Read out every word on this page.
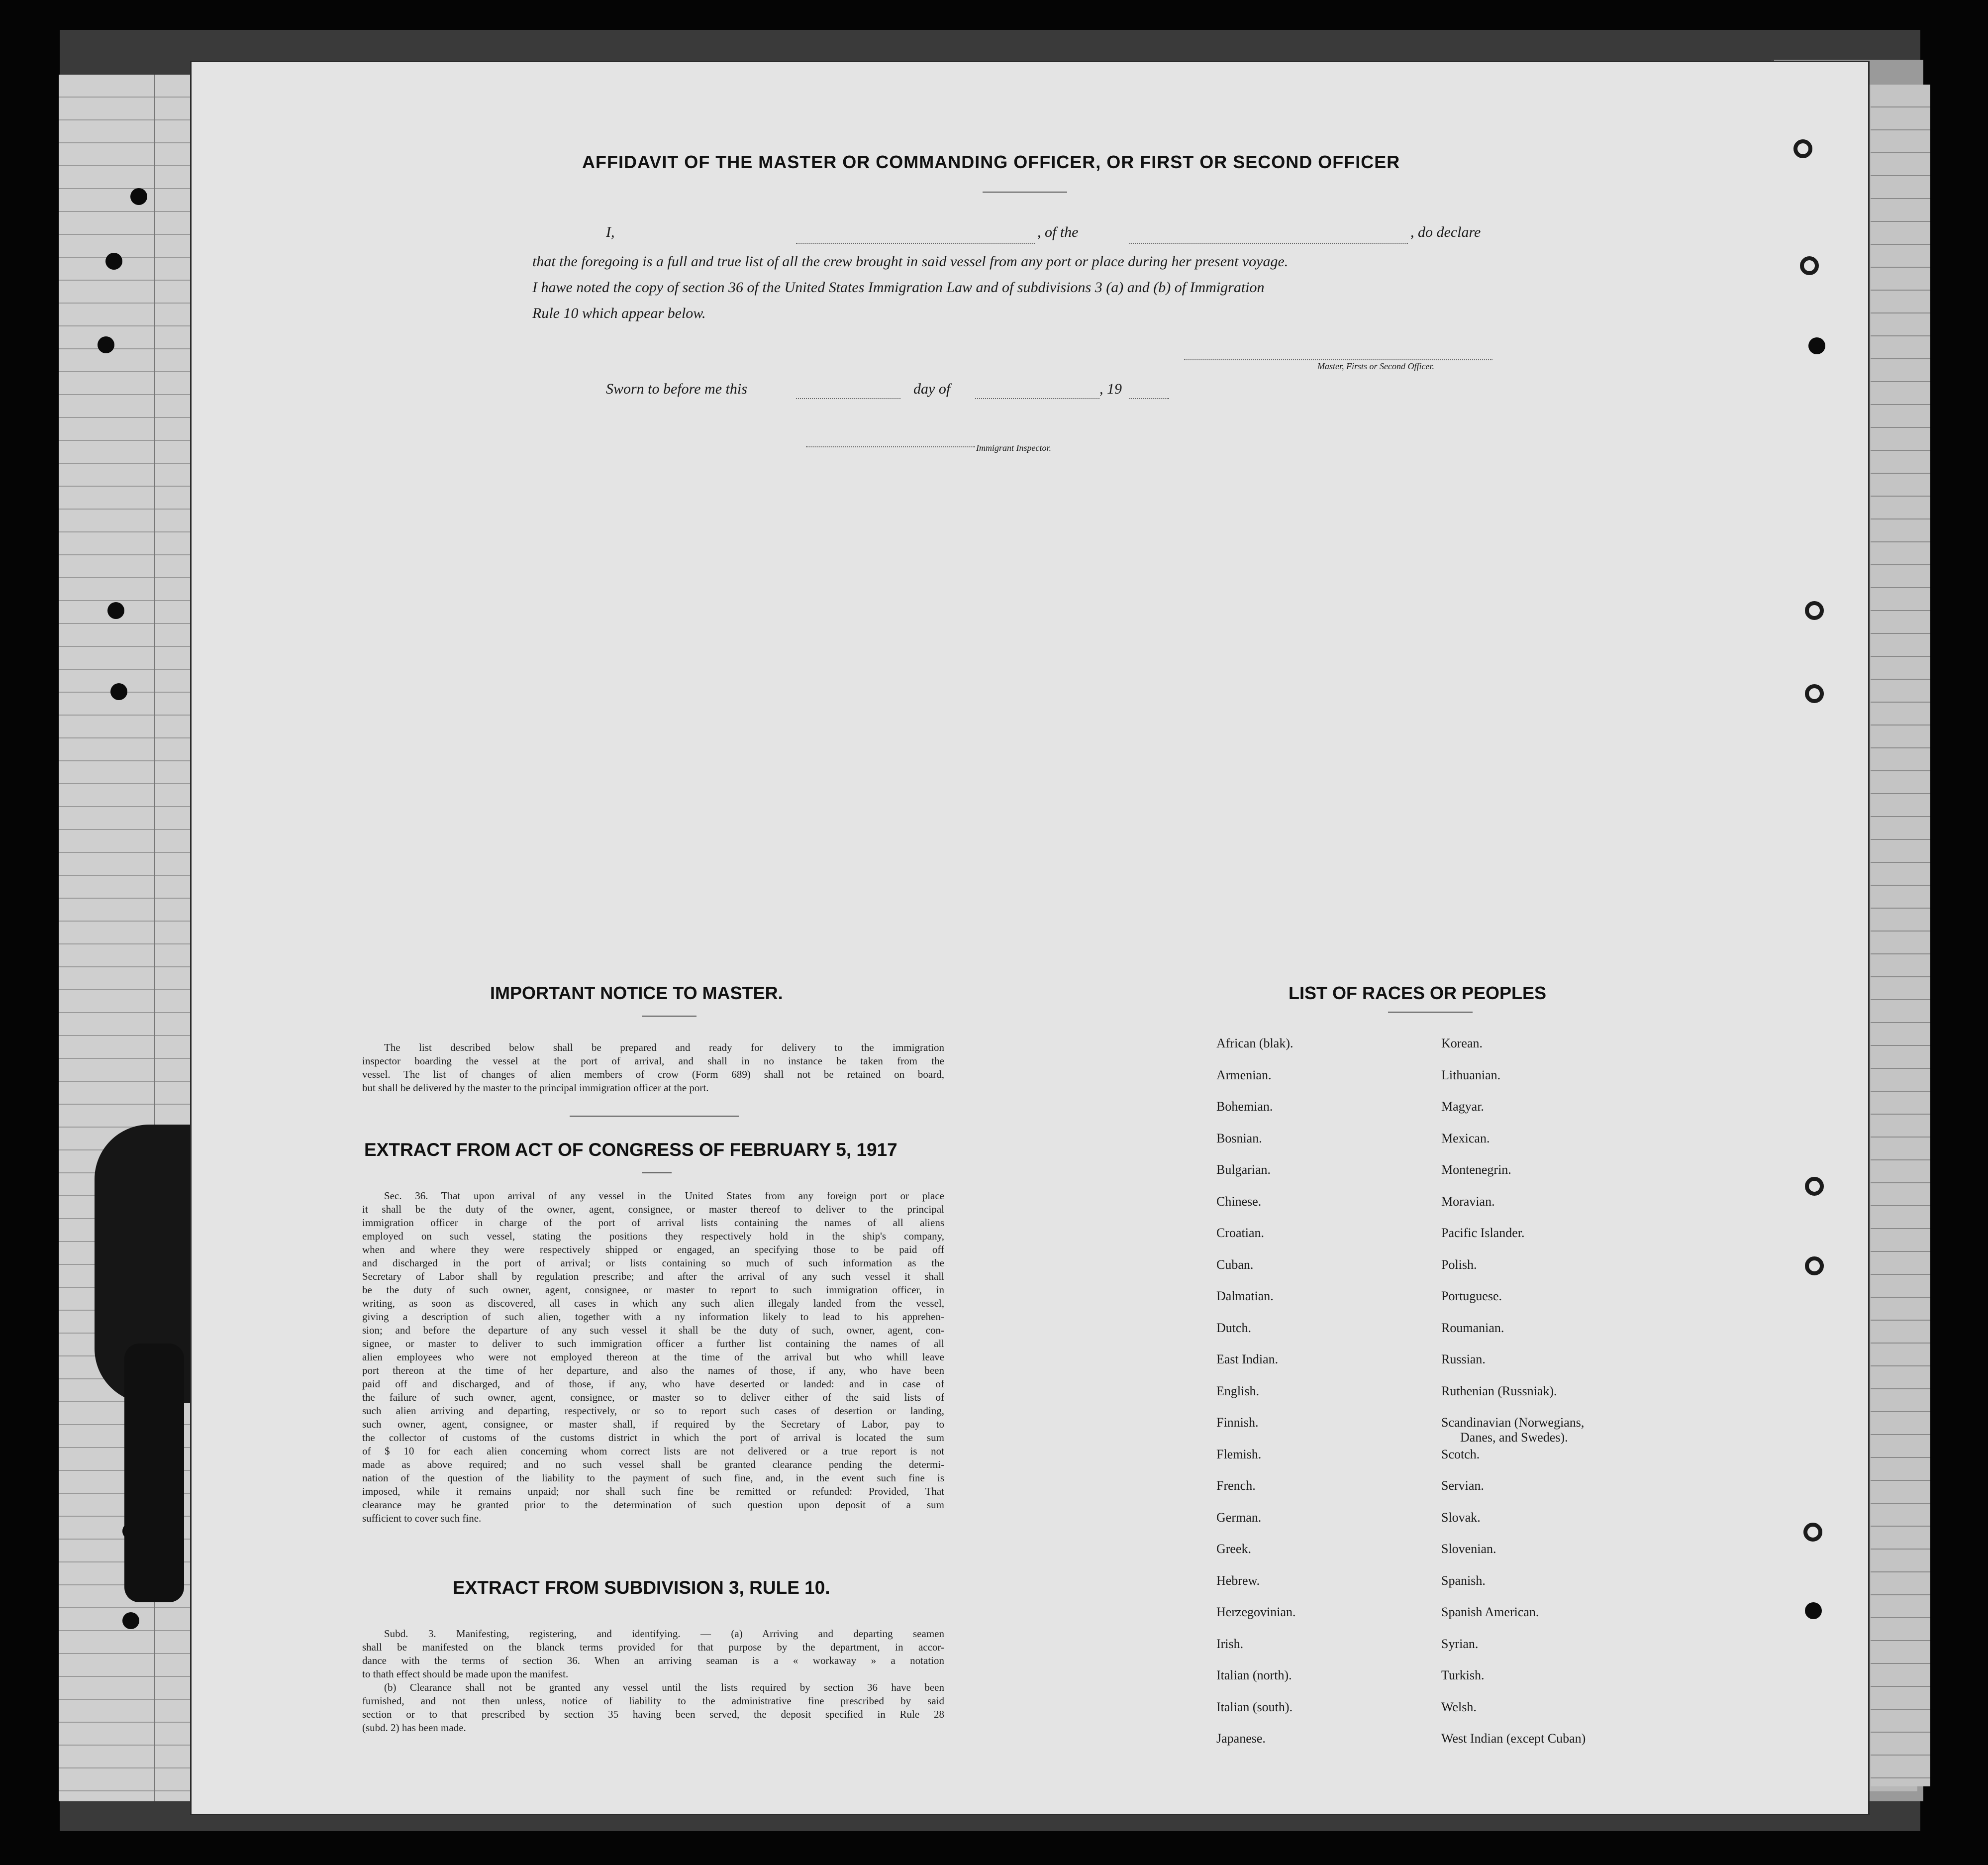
AFFIDAVIT OF THE MASTER OR COMMANDING OFFICER, OR FIRST OR SECOND OFFICER
I,	, of the	, do declare
that the foregoing is a full and true list of all the crew brought in said vessel from any port or place during her present voyage.
I hawe noted the copy of section 36 of the United States Immigration Law and of subdivisions 3 (a) and (b) of Immigration
Rule 10 which appear below.
Master, Firsts or Second Officer.
Sworn to before me this	day of	, 19
Immigrant Inspector.
IMPORTANT NOTICE TO MASTER.
The list described below shall be prepared and ready for delivery to the immigration
inspector boarding the vessel at the port of arrival, and shall in no instance be taken from the
vessel. The list of changes of alien members of crow (Form 689) shall not be retained on board,
but shall be delivered by the master to the principal immigration officer at the port.
EXTRACT FROM ACT OF CONGRESS OF FEBRUARY 5, 1917
Sec. 36. That upon arrival of any vessel in the United States from any foreign port or place
it shall be the duty of the owner, agent, consignee, or master thereof to deliver to the principal
immigration officer in charge of the port of arrival lists containing the names of all aliens
employed on such vessel, stating the positions they respectively hold in the ship's company,
when and where they were respectively shipped or engaged, an specifying those to be paid off
and discharged in the port of arrival; or lists containing so much of such information as the
Secretary of Labor shall by regulation prescribe; and after the arrival of any such vessel it shall
be the duty of such owner, agent, consignee, or master to report to such immigration officer, in
writing, as soon as discovered, all cases in which any such alien illegaly landed from the vessel,
giving a description of such alien, together with a ny information likely to lead to his apprehen-
sion; and before the departure of any such vessel it shall be the duty of such, owner, agent, con-
signee, or master to deliver to such immigration officer a further list containing the names of all
alien employees who were not employed thereon at the time of the arrival but who whill leave
port thereon at the time of her departure, and also the names of those, if any, who have been
paid off and discharged, and of those, if any, who have deserted or landed: and in case of
the failure of such owner, agent, consignee, or master so to deliver either of the said lists of
such alien arriving and departing, respectively, or so to report such cases of desertion or landing,
such owner, agent, consignee, or master shall, if required by the Secretary of Labor, pay to
the collector of customs of the customs district in which the port of arrival is located the sum
of $ 10 for each alien concerning whom correct lists are not delivered or a true report is not
made as above required; and no such vessel shall be granted clearance pending the determi-
nation of the question of the liability to the payment of such fine, and, in the event such fine is
imposed, while it remains unpaid; nor shall such fine be remitted or refunded: Provided, That
clearance may be granted prior to the determination of such question upon deposit of a sum
sufficient to cover such fine.
EXTRACT FROM SUBDIVISION 3, RULE 10.
Subd. 3. Manifesting, registering, and identifying. — (a) Arriving and departing seamen
shall be manifested on the blanck terms provided for that purpose by the department, in accor-
dance with the terms of section 36. When an arriving seaman is a « workaway » a notation
to thath effect should be made upon the manifest.
(b) Clearance shall not be granted any vessel until the lists required by section 36 have been
furnished, and not then unless, notice of liability to the administrative fine prescribed by said
section or to that prescribed by section 35 having been served, the deposit specified in Rule 28
(subd. 2) has been made.
LIST OF RACES OR PEOPLES
African (blak).
Armenian.
Bohemian.
Bosnian.
Bulgarian.
Chinese.
Croatian.
Cuban.
Dalmatian.
Dutch.
East Indian.
English.
Finnish.
Flemish.
French.
German.
Greek.
Hebrew.
Herzegovinian.
Irish.
Italian (north).
Italian (south).
Japanese.
Korean.
Lithuanian.
Magyar.
Mexican.
Montenegrin.
Moravian.
Pacific Islander.
Polish.
Portuguese.
Roumanian.
Russian.
Ruthenian (Russniak).
Scandinavian (Norwegians,
Danes, and Swedes).
Scotch.
Servian.
Slovak.
Slovenian.
Spanish.
Spanish American.
Syrian.
Turkish.
Welsh.
West Indian (except Cuban)
